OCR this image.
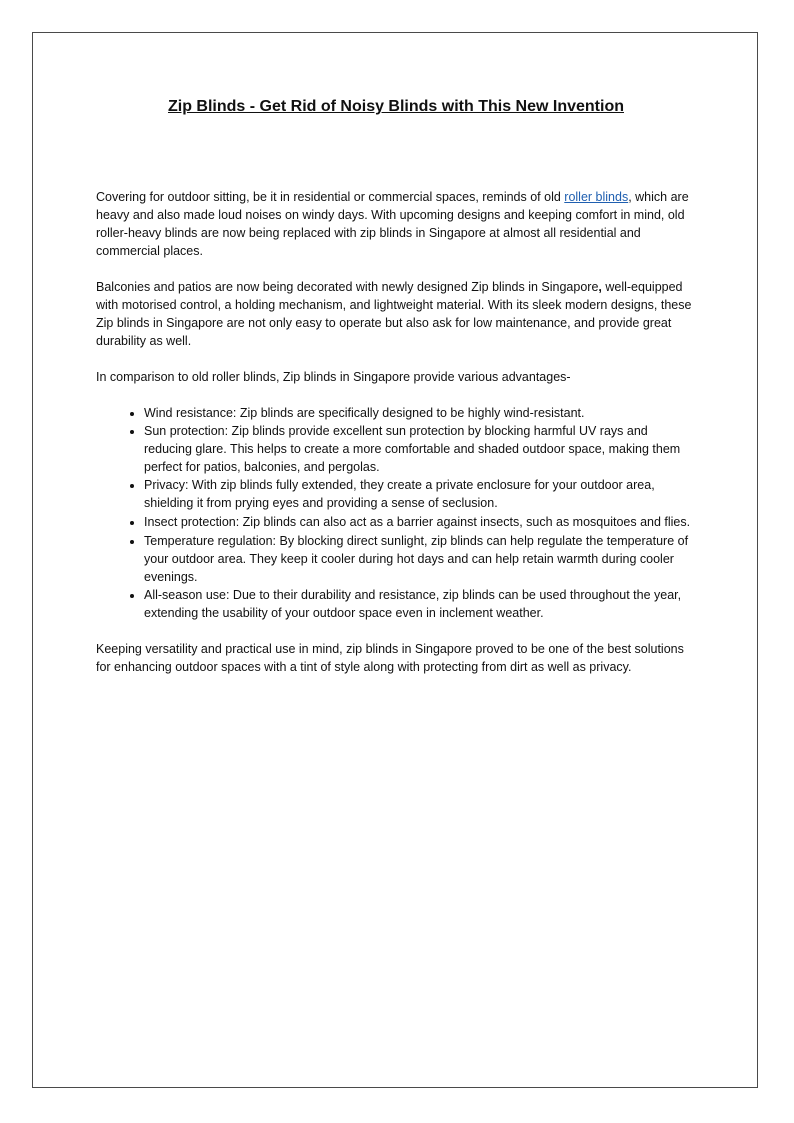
Zip Blinds - Get Rid of Noisy Blinds with This New Invention

Covering for outdoor sitting, be it in residential or commercial spaces, reminds of old roller blinds, which are heavy and also made loud noises on windy days. With upcoming designs and keeping comfort in mind, old roller-heavy blinds are now being replaced with zip blinds in Singapore at almost all residential and commercial places.

Balconies and patios are now being decorated with newly designed Zip blinds in Singapore, well-equipped with motorised control, a holding mechanism, and lightweight material. With its sleek modern designs, these Zip blinds in Singapore are not only easy to operate but also ask for low maintenance, and provide great durability as well.

In comparison to old roller blinds, Zip blinds in Singapore provide various advantages-

• Wind resistance: Zip blinds are specifically designed to be highly wind-resistant.
• Sun protection: Zip blinds provide excellent sun protection by blocking harmful UV rays and reducing glare. This helps to create a more comfortable and shaded outdoor space, making them perfect for patios, balconies, and pergolas.
• Privacy: With zip blinds fully extended, they create a private enclosure for your outdoor area, shielding it from prying eyes and providing a sense of seclusion.
• Insect protection: Zip blinds can also act as a barrier against insects, such as mosquitoes and flies.
• Temperature regulation: By blocking direct sunlight, zip blinds can help regulate the temperature of your outdoor area. They keep it cooler during hot days and can help retain warmth during cooler evenings.
• All-season use: Due to their durability and resistance, zip blinds can be used throughout the year, extending the usability of your outdoor space even in inclement weather.

Keeping versatility and practical use in mind, zip blinds in Singapore proved to be one of the best solutions for enhancing outdoor spaces with a tint of style along with protecting from dirt as well as privacy.
